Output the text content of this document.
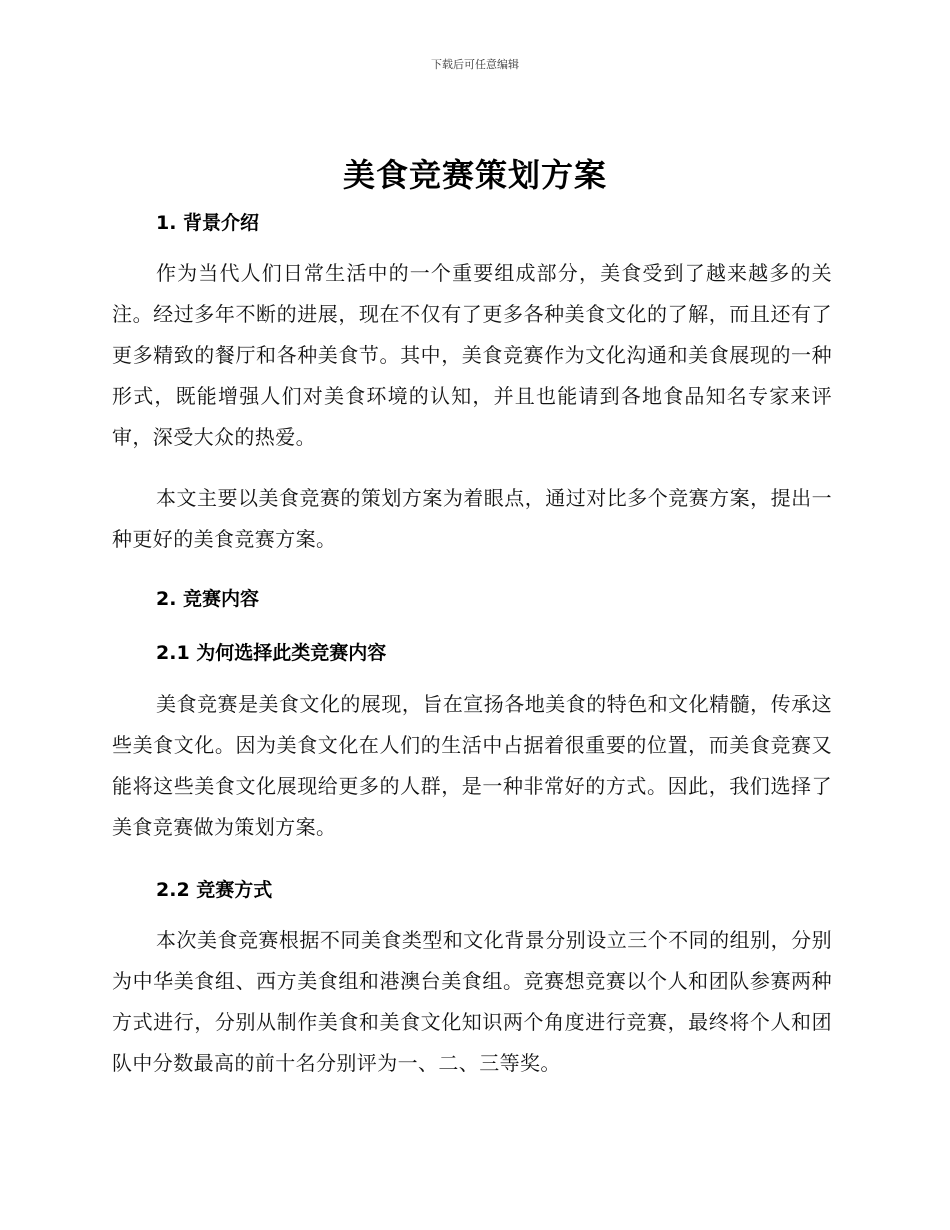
下载后可任意编辑
美食竞赛策划方案
1. 背景介绍

作为当代人们日常生活中的一个重要组成部分，美食受到了越来越多的关注。经过多年不断的进展，现在不仅有了更多各种美食文化的了解，而且还有了更多精致的餐厅和各种美食节。其中，美食竞赛作为文化沟通和美食展现的一种形式，既能增强人们对美食环境的认知，并且也能请到各地食品知名专家来评审，深受大众的热爱。

本文主要以美食竞赛的策划方案为着眼点，通过对比多个竞赛方案，提出一种更好的美食竞赛方案。

2. 竞赛内容
2.1 为何选择此类竞赛内容

美食竞赛是美食文化的展现，旨在宣扬各地美食的特色和文化精髓，传承这些美食文化。因为美食文化在人们的生活中占据着很重要的位置，而美食竞赛又能将这些美食文化展现给更多的人群，是一种非常好的方式。因此，我们选择了美食竞赛做为策划方案。

2.2 竞赛方式

本次美食竞赛根据不同美食类型和文化背景分别设立三个不同的组别，分别为中华美食组、西方美食组和港澳台美食组。竞赛想竞赛以个人和团队参赛两种方式进行，分别从制作美食和美食文化知识两个角度进行竞赛，最终将个人和团队中分数最高的前十名分别评为一、二、三等奖。
